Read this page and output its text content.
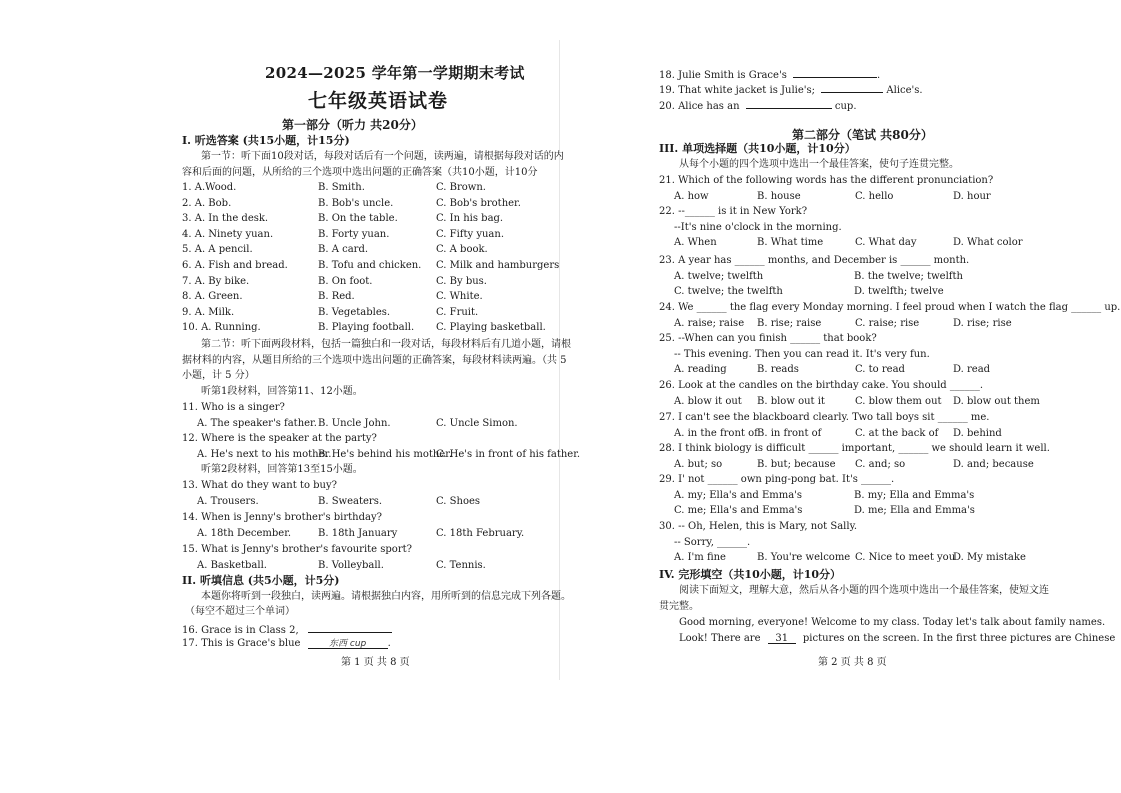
2024—2025 学年第一学期期末考试
七年级英语试卷
第一部分（听力 共20分）
I. 听选答案 (共15小题，计15分)
第一节：听下面10段对话，每段对话后有一个问题，读两遍，请根据每段对话的内
容和后面的问题，从所给的三个选项中选出问题的正确答案（共10小题，计10分
1. A.Wood.	B. Smith.	C. Brown.
2. A. Bob.	B. Bob's uncle.	C. Bob's brother.
3. A. In the desk.	B. On the table.	C. In his bag.
4. A. Ninety yuan.	B. Forty yuan.	C. Fifty yuan.
5. A. A pencil.	B. A card.	C. A book.
6. A. Fish and bread.	B. Tofu and chicken. C. Milk and hamburgers
7. A. By bike.	B. On foot.	C. By bus.
8. A. Green.	B. Red.	C. White.
9. A. Milk.	B. Vegetables.	C. Fruit.
10. A. Running.	B. Playing football. C. Playing basketball.
第二节：听下面两段材料，包括一篇独白和一段对话，每段材料后有几道小题，请根
据材料的内容，从题目所给的三个选项中选出问题的正确答案，每段材料读两遍。（共 5
小题，计 5 分）
听第1段材料，回答第11、12小题。
11. Who is a singer?
A. The speaker's father. B. Uncle John.	C. Uncle Simon.
12. Where is the speaker at the party?
A. He's next to his mother.
B. He's behind his mother.
C. He's in front of his father.
听第2段材料，回答第13至15小题。
13. What do they want to buy?
A. Trousers.	B. Sweaters.	C. Shoes
14. When is Jenny's brother's birthday?
A. 18th December.	B. 18th January	C. 18th February.
15. What is Jenny's brother's favourite sport?
A. Basketball.	B. Volleyball.	C. Tennis.
II. 听填信息 (共5小题，计5分)
本题你将听到一段独白，读两遍。请根据独白内容，用所听到的信息完成下列各题。
（每空不超过三个单词）
16. Grace is in Class 2,
17. This is Grace's blue	东西 cup .
第 1 页 共 8 页
18. Julie Smith is Grace's	.
19. That white jacket is Julie's;	Alice's.
20. Alice has an	cup.
第二部分（笔试 共80分）
III. 单项选择题（共10小题，计10分）
从每个小题的四个选项中选出一个最佳答案，使句子连贯完整。
21. Which of the following words has the different pronunciation?
A. how	B. house	C. hello	D. hour
22. --______ is it in New York?
--It's nine o'clock in the morning.
A. When	B. What time	C. What day	D. What color
23. A year has ______ months, and December is ______ month.
A. twelve; twelfth	B. the twelve; twelfth
C. twelve; the twelfth	D. twelfth; twelve
24. We ______ the flag every Monday morning. I feel proud when I watch the flag ______ up.
A. raise; raise B. rise; raise	C. raise; rise	D. rise; rise
25. --When can you finish ______ that book?
-- This evening. Then you can read it. It's very fun.
A. reading	B. reads	C. to read	D. read
26. Look at the candles on the birthday cake. You should ______.
A. blow it out B. blow out it	C. blow them out D. blow out them
27. I can't see the blackboard clearly. Two tall boys sit ______ me.
A. in the front of B. in front of	C. at the back of D. behind
28. I think biology is difficult ______ important, ______ we should learn it well.
A. but; so	B. but; because C. and; so	D. and; because
29. I' not ______ own ping-pong bat. It's ______.
A. my; Ella's and Emma's	B. my; Ella and Emma's
C. me; Ella's and Emma's	D. me; Ella and Emma's
30. -- Oh, Helen, this is Mary, not Sally.
-- Sorry, ______.
A. I'm fine	B. You're welcome C. Nice to meet you
D. My mistake
IV. 完形填空（共10小题，计10分）
阅读下面短文，理解大意，然后从各小题的四个选项中选出一个最佳答案，使短文连
贯完整。
Good morning, everyone! Welcome to my class. Today let's talk about family names.
Look! There are 31 pictures on the screen. In the first three pictures are Chinese
第 2 页 共 8 页
